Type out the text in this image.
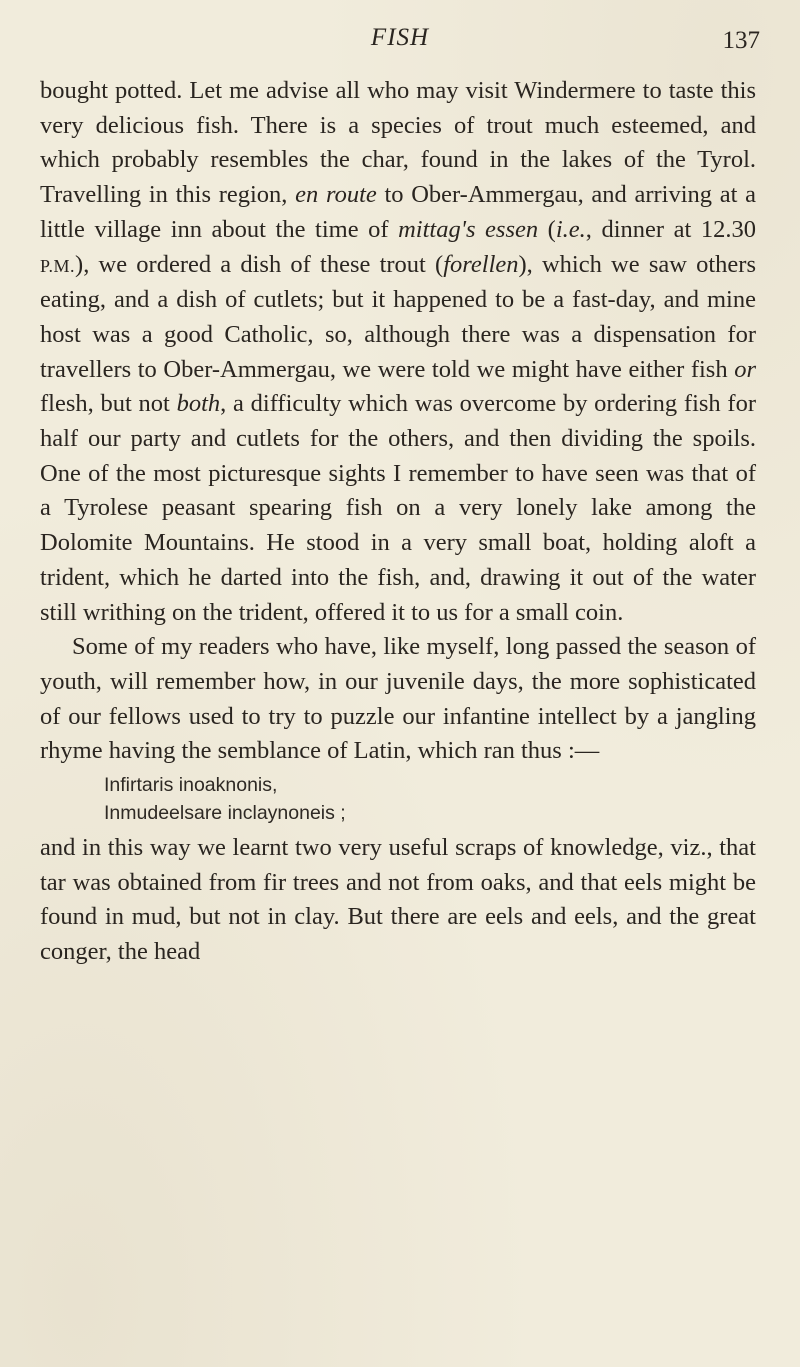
FISH	137

bought potted. Let me advise all who may visit Windermere to taste this very delicious fish. There is a species of trout much esteemed, and which probably resembles the char, found in the lakes of the Tyrol. Travelling in this region, en route to Ober-Ammergau, and arriving at a little village inn about the time of mittag's essen (i.e., dinner at 12.30 P.M.), we ordered a dish of these trout (forellen), which we saw others eating, and a dish of cutlets; but it happened to be a fast-day, and mine host was a good Catholic, so, although there was a dispensation for travellers to Ober-Ammergau, we were told we might have either fish or flesh, but not both, a difficulty which was overcome by ordering fish for half our party and cutlets for the others, and then dividing the spoils. One of the most picturesque sights I remember to have seen was that of a Tyrolese peasant spearing fish on a very lonely lake among the Dolomite Mountains. He stood in a very small boat, holding aloft a trident, which he darted into the fish, and, drawing it out of the water still writhing on the trident, offered it to us for a small coin.

Some of my readers who have, like myself, long passed the season of youth, will remember how, in our juvenile days, the more sophisticated of our fellows used to try to puzzle our infantine intellect by a jangling rhyme having the semblance of Latin, which ran thus :—

Infirtaris inoaknonis,
Inmudeelsare inclaynoneis ;

and in this way we learnt two very useful scraps of knowledge, viz., that tar was obtained from fir trees and not from oaks, and that eels might be found in mud, but not in clay. But there are eels and eels, and the great conger, the head
